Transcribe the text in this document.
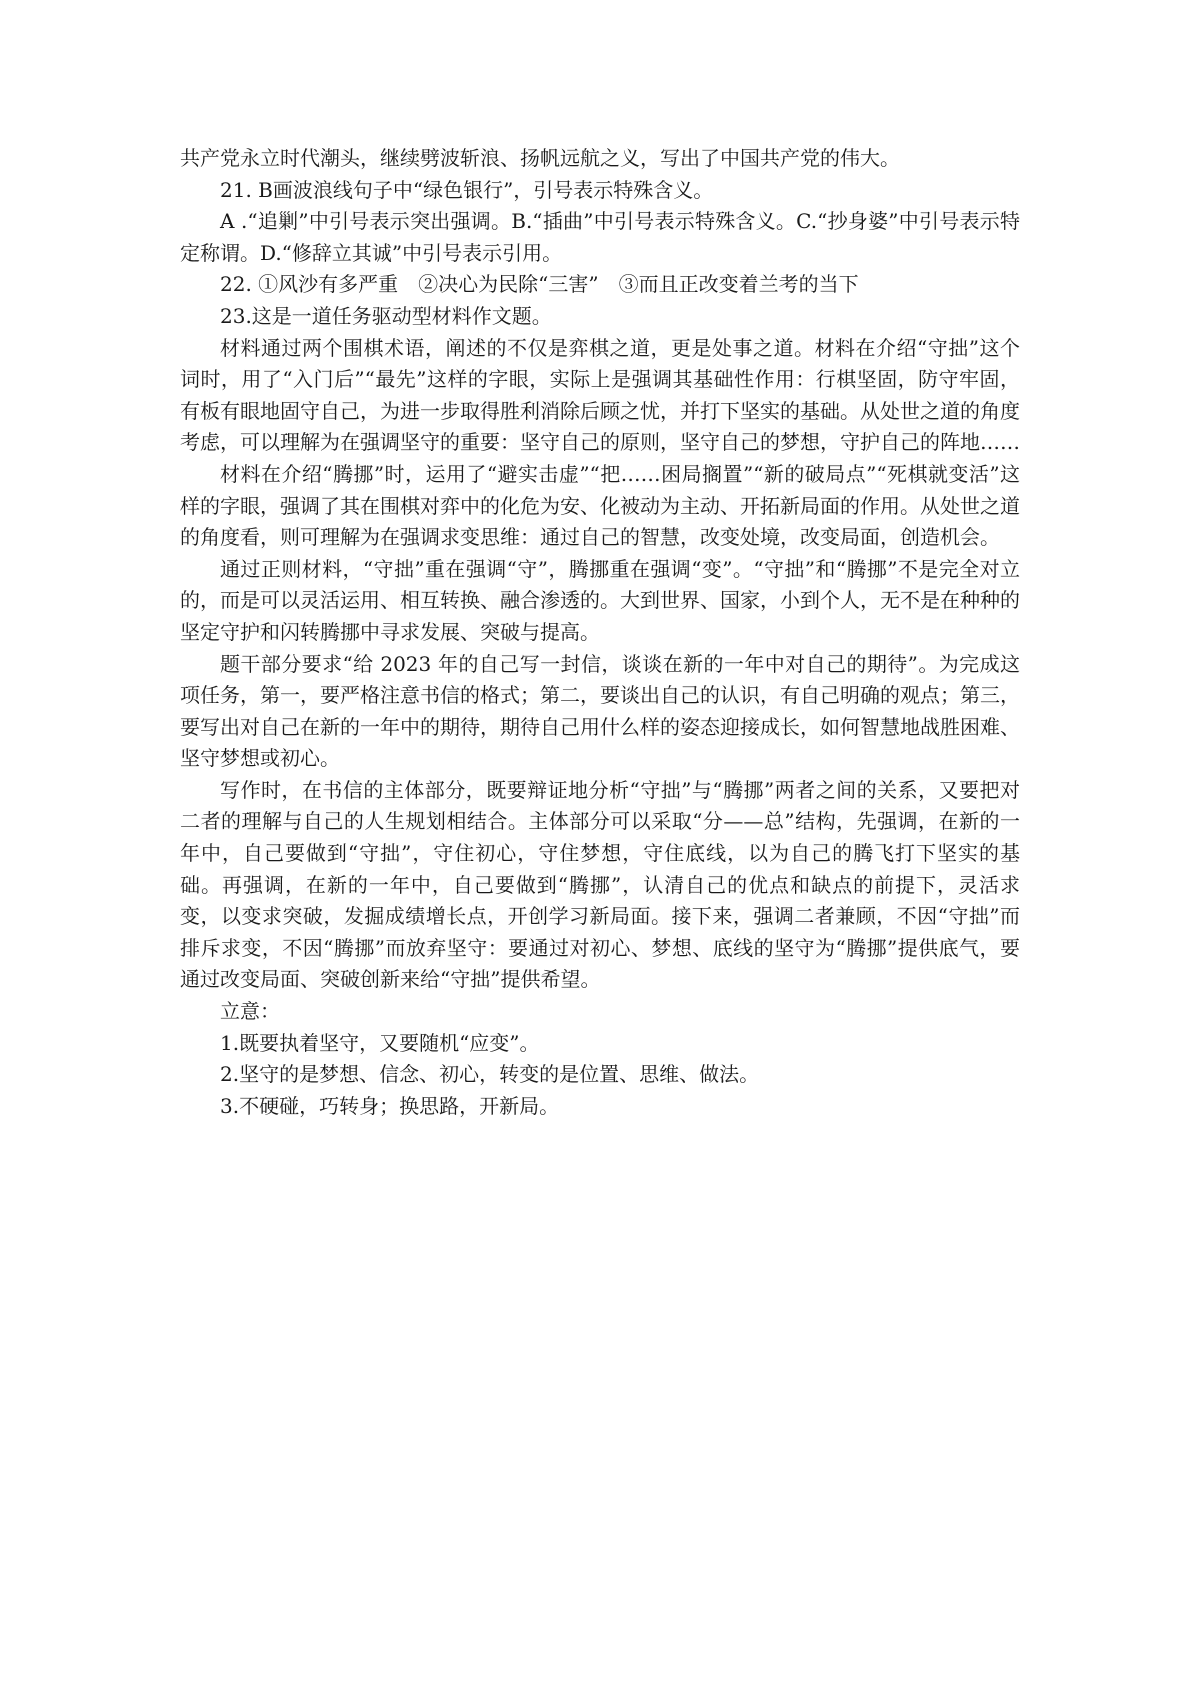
共产党永立时代潮头，继续劈波斩浪、扬帆远航之义，写出了中国共产党的伟大。

21. B画波浪线句子中“绿色银行”，引号表示特殊含义。

A .“追剿”中引号表示突出强调。B.“插曲”中引号表示特殊含义。C.“抄身婆”中引号表示特定称谓。D.“修辞立其诚”中引号表示引用。

22. ①风沙有多严重　②决心为民除“三害”　③而且正改变着兰考的当下

23.这是一道任务驱动型材料作文题。

材料通过两个围棋术语，阐述的不仅是弈棋之道，更是处事之道。材料在介绍“守拙”这个词时，用了“入门后”“最先”这样的字眼，实际上是强调其基础性作用：行棋坚固，防守牢固，有板有眼地固守自己，为进一步取得胜利消除后顾之忧，并打下坚实的基础。从处世之道的角度考虑，可以理解为在强调坚守的重要：坚守自己的原则，坚守自己的梦想，守护自己的阵地……

材料在介绍“腾挪”时，运用了“避实击虚”“把……困局搁置”“新的破局点”“死棋就变活”这样的字眼，强调了其在围棋对弈中的化危为安、化被动为主动、开拓新局面的作用。从处世之道的角度看，则可理解为在强调求变思维：通过自己的智慧，改变处境，改变局面，创造机会。

通过正则材料，“守拙”重在强调“守”，腾挪重在强调“变”。“守拙”和“腾挪”不是完全对立的，而是可以灵活运用、相互转换、融合渗透的。大到世界、国家，小到个人，无不是在种种的坚定守护和闪转腾挪中寻求发展、突破与提高。

题干部分要求“给 2023 年的自己写一封信，谈谈在新的一年中对自己的期待”。为完成这项任务，第一，要严格注意书信的格式；第二，要谈出自己的认识，有自己明确的观点；第三，要写出对自己在新的一年中的期待，期待自己用什么样的姿态迎接成长，如何智慧地战胜困难、坚守梦想或初心。

写作时，在书信的主体部分，既要辩证地分析“守拙”与“腾挪”两者之间的关系，又要把对二者的理解与自己的人生规划相结合。主体部分可以采取“分——总”结构，先强调，在新的一年中，自己要做到“守拙”，守住初心，守住梦想，守住底线，以为自己的腾飞打下坚实的基础。再强调，在新的一年中，自己要做到“腾挪”，认清自己的优点和缺点的前提下，灵活求变，以变求突破，发掘成绩增长点，开创学习新局面。接下来，强调二者兼顾，不因“守拙”而排斥求变，不因“腾挪”而放弃坚守：要通过对初心、梦想、底线的坚守为“腾挪”提供底气，要通过改变局面、突破创新来给“守拙”提供希望。

立意：

1.既要执着坚守，又要随机“应变”。

2.坚守的是梦想、信念、初心，转变的是位置、思维、做法。

3.不硬碰，巧转身；换思路，开新局。
